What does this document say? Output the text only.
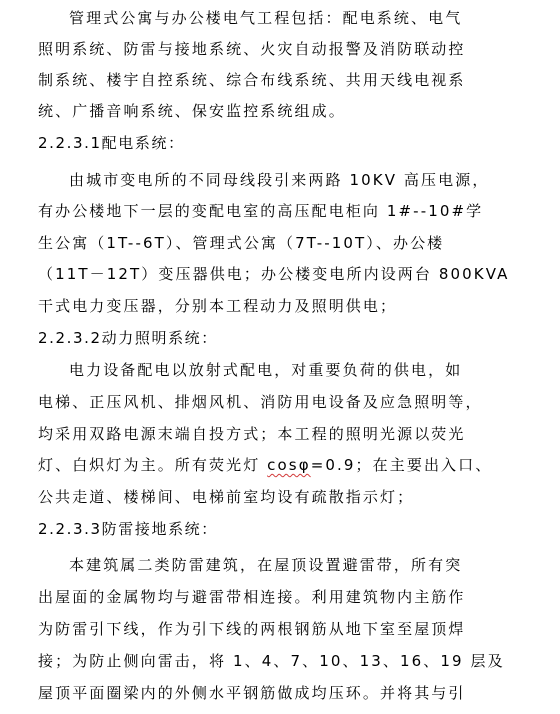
管理式公寓与办公楼电气工程包括：配电系统、电气
照明系统、防雷与接地系统、火灾自动报警及消防联动控
制系统、楼宇自控系统、综合布线系统、共用天线电视系
统、广播音响系统、保安监控系统组成。
2.2.3.1配电系统：
由城市变电所的不同母线段引来两路 10KV 高压电源，
有办公楼地下一层的变配电室的高压配电柜向 1#--10#学
生公寓（1T--6T）、管理式公寓（7T--10T）、办公楼
（11T－12T）变压器供电；办公楼变电所内设两台 800KVA
干式电力变压器，分别本工程动力及照明供电；
2.2.3.2动力照明系统：
电力设备配电以放射式配电，对重要负荷的供电，如
电梯、正压风机、排烟风机、消防用电设备及应急照明等，
均采用双路电源末端自投方式；本工程的照明光源以荧光
灯、白炽灯为主。所有荧光灯 cosφ=0.9；在主要出入口、
公共走道、楼梯间、电梯前室均设有疏散指示灯；
2.2.3.3防雷接地系统：
本建筑属二类防雷建筑，在屋顶设置避雷带，所有突
出屋面的金属物均与避雷带相连接。利用建筑物内主筋作
为防雷引下线，作为引下线的两根钢筋从地下室至屋顶焊
接；为防止侧向雷击，将 1、4、7、10、13、16、19 层及
屋顶平面圈梁内的外侧水平钢筋做成均压环。并将其与引
